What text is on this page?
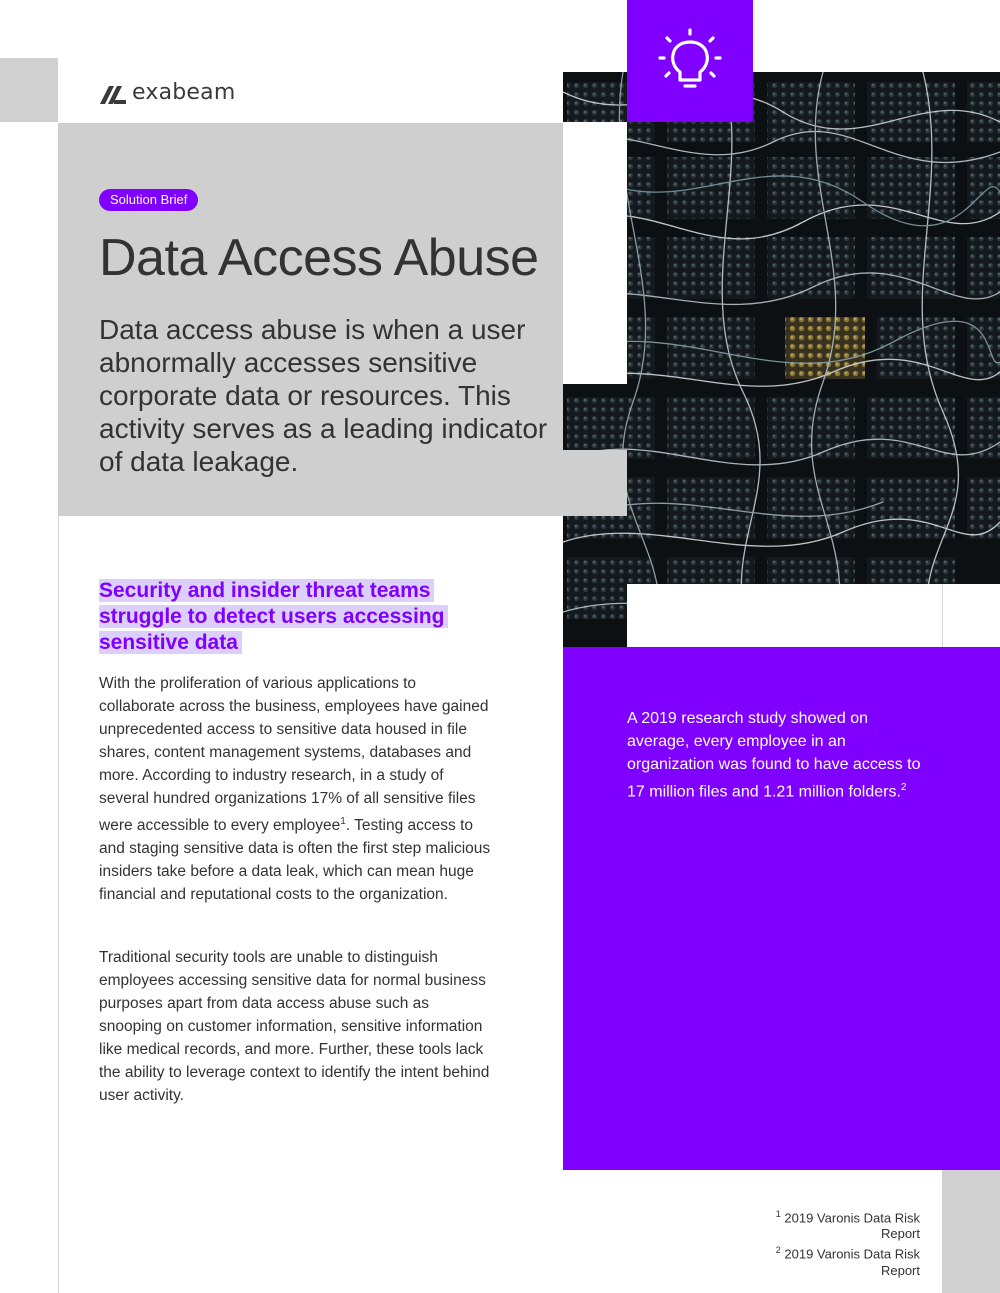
exabeam
Solution Brief
Data Access Abuse

Data access abuse is when a user abnormally accesses sensitive corporate data or resources. This activity serves as a leading indicator of data leakage.

A 2019 research study showed on average, every employee in an organization was found to have access to 17 million files and 1.21 million folders.$^2$

Security and insider threat teams
struggle to detect users accessing
sensitive data

With the proliferation of various applications to collaborate across the business, employees have gained unprecedented access to sensitive data housed in file shares, content management systems, databases and more. According to industry research, in a study of several hundred organizations 17% of all sensitive files were accessible to every employee$^1$. Testing access to and staging sensitive data is often the first step malicious insiders take before a data leak, which can mean huge financial and reputational costs to the organization.

Traditional security tools are unable to distinguish employees accessing sensitive data for normal business purposes apart from data access abuse such as snooping on customer information, sensitive information like medical records, and more. Further, these tools lack the ability to leverage context to identify the intent behind user activity.

$^1$ 2019 Varonis Data Risk Report
$^2$ 2019 Varonis Data Risk Report
